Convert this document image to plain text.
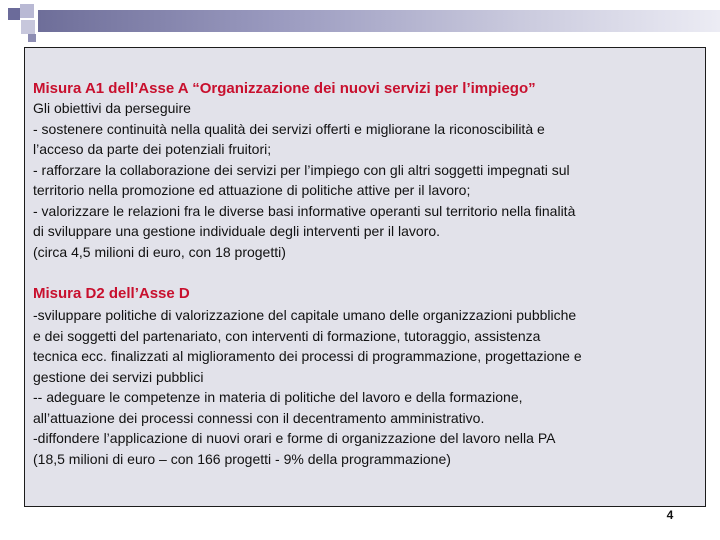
Misura A1 dell’Asse A “Organizzazione dei nuovi servizi per l’impiego”
Gli obiettivi da perseguire
- sostenere continuità nella qualità dei servizi offerti e migliorane la riconoscibilità e
l’acceso da parte dei potenziali fruitori;
- rafforzare la collaborazione dei servizi per l’impiego con gli altri soggetti impegnati sul
territorio nella promozione ed attuazione di politiche attive per il lavoro;
- valorizzare le relazioni fra le diverse basi informative operanti sul territorio nella finalità
di sviluppare una gestione individuale degli interventi per il lavoro.
(circa 4,5 milioni di euro, con 18 progetti)
Misura D2 dell’Asse D
-sviluppare politiche di valorizzazione del capitale umano delle organizzazioni pubbliche
e dei soggetti del partenariato, con interventi di formazione, tutoraggio, assistenza
tecnica ecc. finalizzati al miglioramento dei processi di programmazione, progettazione e
gestione dei servizi pubblici
-- adeguare le competenze in materia di politiche del lavoro e della formazione,
all’attuazione dei processi connessi con il decentramento amministrativo.
-diffondere l’applicazione di nuovi orari e forme di organizzazione del lavoro nella PA
(18,5 milioni di euro – con 166 progetti - 9% della programmazione)
4
